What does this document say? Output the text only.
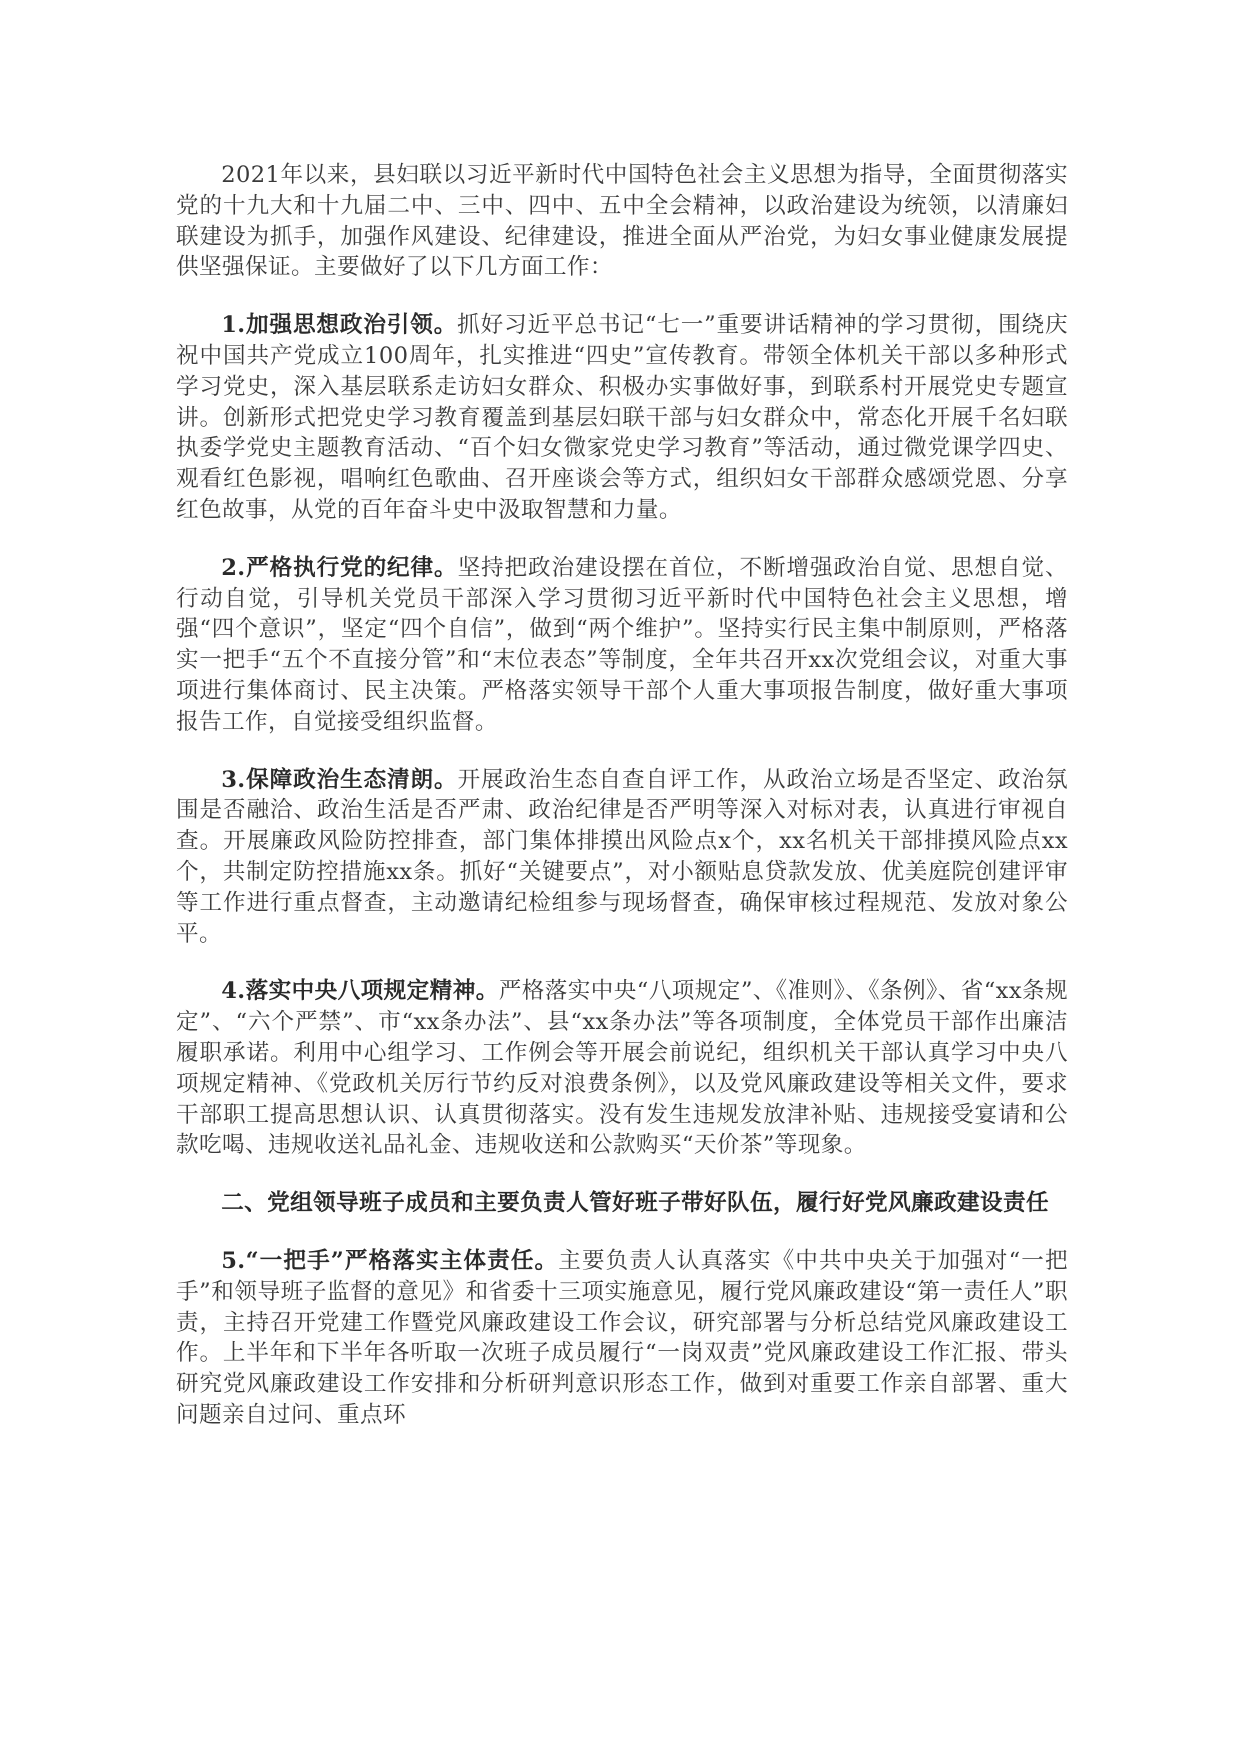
2021年以来，县妇联以习近平新时代中国特色社会主义思想为指导，全面贯彻落实党的十九大和十九届二中、三中、四中、五中全会精神，以政治建设为统领，以清廉妇联建设为抓手，加强作风建设、纪律建设，推进全面从严治党，为妇女事业健康发展提供坚强保证。主要做好了以下几方面工作：

1.加强思想政治引领。抓好习近平总书记“七一”重要讲话精神的学习贯彻，围绕庆祝中国共产党成立100周年，扎实推进“四史”宣传教育。带领全体机关干部以多种形式学习党史，深入基层联系走访妇女群众、积极办实事做好事，到联系村开展党史专题宣讲。创新形式把党史学习教育覆盖到基层妇联干部与妇女群众中，常态化开展千名妇联执委学党史主题教育活动、“百个妇女微家党史学习教育”等活动，通过微党课学四史、观看红色影视，唱响红色歌曲、召开座谈会等方式，组织妇女干部群众感颂党恩、分享红色故事，从党的百年奋斗史中汲取智慧和力量。

2.严格执行党的纪律。坚持把政治建设摆在首位，不断增强政治自觉、思想自觉、行动自觉，引导机关党员干部深入学习贯彻习近平新时代中国特色社会主义思想，增强“四个意识”，坚定“四个自信”，做到“两个维护”。坚持实行民主集中制原则，严格落实一把手“五个不直接分管”和“末位表态”等制度，全年共召开xx次党组会议，对重大事项进行集体商讨、民主决策。严格落实领导干部个人重大事项报告制度，做好重大事项报告工作，自觉接受组织监督。

3.保障政治生态清朗。开展政治生态自查自评工作，从政治立场是否坚定、政治氛围是否融洽、政治生活是否严肃、政治纪律是否严明等深入对标对表，认真进行审视自查。开展廉政风险防控排查，部门集体排摸出风险点x个，xx名机关干部排摸风险点xx个，共制定防控措施xx条。抓好“关键要点”，对小额贴息贷款发放、优美庭院创建评审等工作进行重点督查，主动邀请纪检组参与现场督查，确保审核过程规范、发放对象公平。

4.落实中央八项规定精神。严格落实中央“八项规定”、《准则》、《条例》、省“xx条规定”、“六个严禁”、市“xx条办法”、县“xx条办法”等各项制度，全体党员干部作出廉洁履职承诺。利用中心组学习、工作例会等开展会前说纪，组织机关干部认真学习中央八项规定精神、《党政机关厉行节约反对浪费条例》，以及党风廉政建设等相关文件，要求干部职工提高思想认识、认真贯彻落实。没有发生违规发放津补贴、违规接受宴请和公款吃喝、违规收送礼品礼金、违规收送和公款购买“天价茶”等现象。

二、党组领导班子成员和主要负责人管好班子带好队伍，履行好党风廉政建设责任

5.“一把手”严格落实主体责任。主要负责人认真落实《中共中央关于加强对“一把手”和领导班子监督的意见》和省委十三项实施意见，履行党风廉政建设“第一责任人”职责，主持召开党建工作暨党风廉政建设工作会议，研究部署与分析总结党风廉政建设工作。上半年和下半年各听取一次班子成员履行“一岗双责”党风廉政建设工作汇报、带头研究党风廉政建设工作安排和分析研判意识形态工作，做到对重要工作亲自部署、重大问题亲自过问、重点环
